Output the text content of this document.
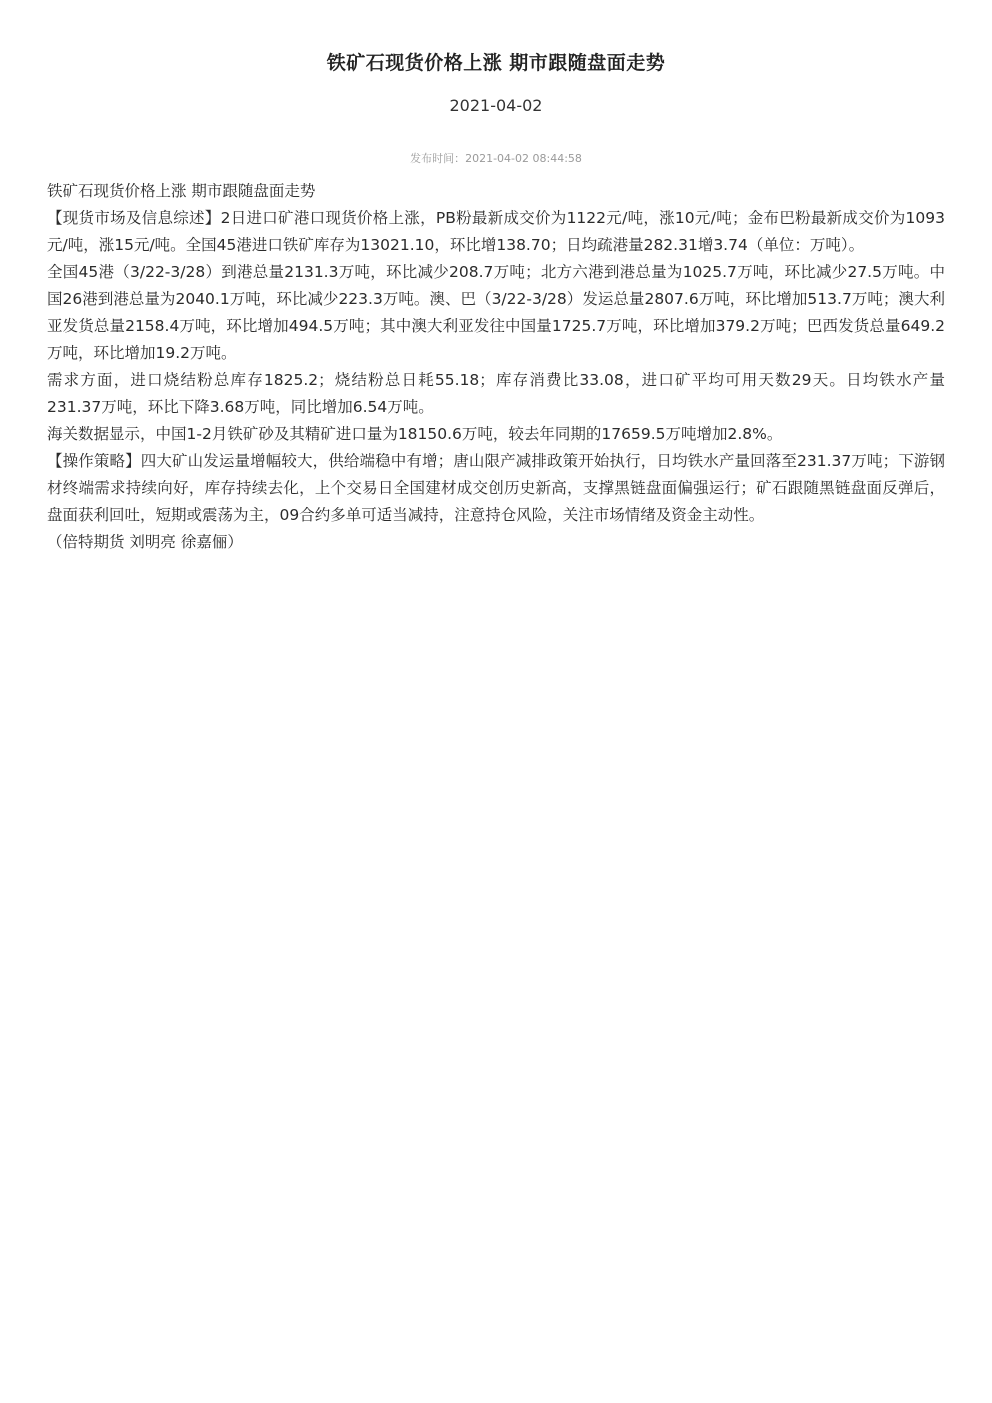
铁矿石现货价格上涨 期市跟随盘面走势
2021-04-02
发布时间：2021-04-02 08:44:58

铁矿石现货价格上涨 期市跟随盘面走势

【现货市场及信息综述】2日进口矿港口现货价格上涨，PB粉最新成交价为1122元/吨，涨10元/吨；金布巴粉最新成交价为1093元/吨，涨15元/吨。全国45港进口铁矿库存为13021.10，环比增138.70；日均疏港量282.31增3.74（单位：万吨）。

全国45港（3/22-3/28）到港总量2131.3万吨，环比减少208.7万吨；北方六港到港总量为1025.7万吨，环比减少27.5万吨。中国26港到港总量为2040.1万吨，环比减少223.3万吨。澳、巴（3/22-3/28）发运总量2807.6万吨，环比增加513.7万吨；澳大利亚发货总量2158.4万吨，环比增加494.5万吨；其中澳大利亚发往中国量1725.7万吨，环比增加379.2万吨；巴西发货总量649.2万吨，环比增加19.2万吨。

需求方面，进口烧结粉总库存1825.2；烧结粉总日耗55.18；库存消费比33.08，进口矿平均可用天数29天。日均铁水产量231.37万吨，环比下降3.68万吨，同比增加6.54万吨。

海关数据显示，中国1-2月铁矿砂及其精矿进口量为18150.6万吨，较去年同期的17659.5万吨增加2.8%。

【操作策略】四大矿山发运量增幅较大，供给端稳中有增；唐山限产减排政策开始执行，日均铁水产量回落至231.37万吨；下游钢材终端需求持续向好，库存持续去化，上个交易日全国建材成交创历史新高，支撑黑链盘面偏强运行；矿石跟随黑链盘面反弹后，盘面获利回吐，短期或震荡为主，09合约多单可适当减持，注意持仓风险，关注市场情绪及资金主动性。

（倍特期货 刘明亮 徐嘉俪）
